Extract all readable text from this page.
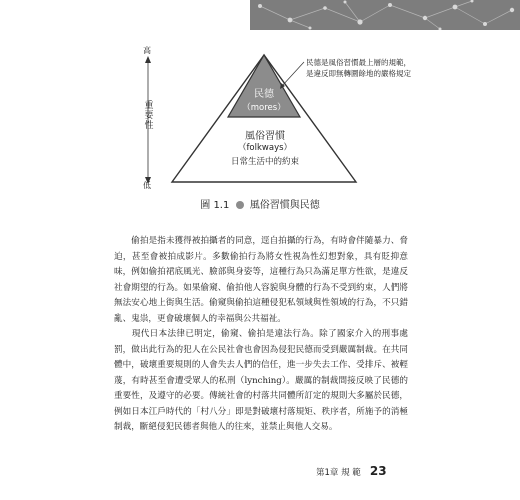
高
重要性
低
民德
（mores）
風俗習慣
（folkways）
日常生活中的約束
民德是風俗習慣最上層的規範，
是違反即無轉圜餘地的嚴格規定
圖 1.1 風俗習慣與民德

　　偷拍是指未獲得被拍攝者的同意，逕自拍攝的行為，有時會伴隨暴力、脅迫，甚至會被拍成影片。多數偷拍行為將女性視為性幻想對象，具有貶抑意味，例如偷拍裙底風光、臉部與身姿等，這種行為只為滿足單方性欲，是違反社會期望的行為。如果偷窺、偷拍他人容貌與身體的行為不受到約束，人們將無法安心地上街與生活。偷窺與偷拍這種侵犯私領域與性領域的行為，不只錯亂、鬼祟，更會破壞個人的幸福與公共福祉。

　　現代日本法律已明定，偷窺、偷拍是違法行為。除了國家介入的刑事處罰，做出此行為的犯人在公民社會也會因為侵犯民德而受到嚴厲制裁。在共同體中，破壞重要規則的人會失去人們的信任，進一步失去工作、受排斥、被輕蔑，有時甚至會遭受眾人的私刑（lynching）。嚴厲的制裁間接反映了民德的重要性，及遵守的必要。傳統社會的村落共同體所訂定的規則大多屬於民德，例如日本江戶時代的「村八分」即是對破壞村落規矩、秩序者，所施予的消極制裁，斷絕侵犯民德者與他人的往來，並禁止與他人交易。

第1章 規 範 23
